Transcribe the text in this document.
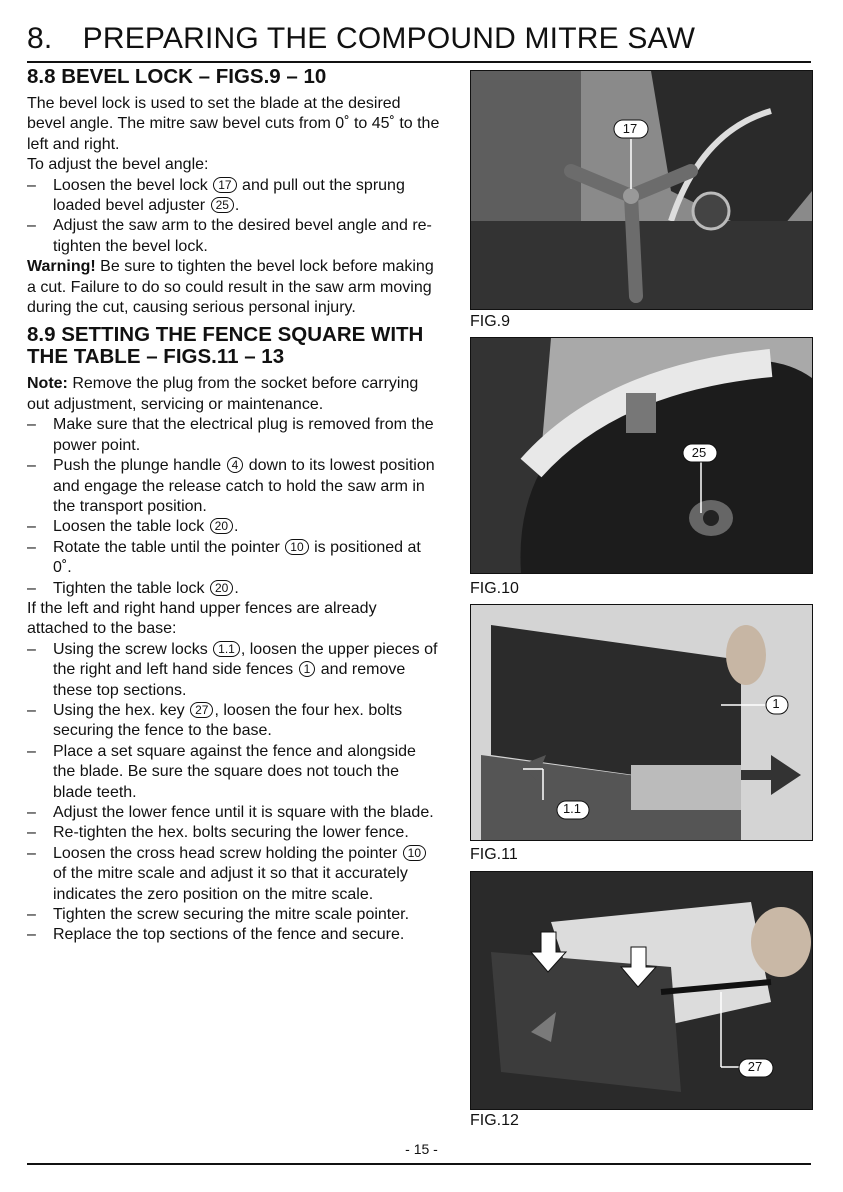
8. PREPARING THE COMPOUND MITRE SAW
8.8 BEVEL LOCK – FIGS.9 – 10

The bevel lock is used to set the blade at the desired bevel angle. The mitre saw bevel cuts from 0˚ to 45˚ to the left and right.

To adjust the bevel angle:

– Loosen the bevel lock 17 and pull out the sprung loaded bevel adjuster 25 .
– Adjust the saw arm to the desired bevel angle and re-tighten the bevel lock.

Warning! Be sure to tighten the bevel lock before making a cut. Failure to do so could result in the saw arm moving during the cut, causing serious personal injury.

8.9 SETTING THE FENCE SQUARE WITH THE TABLE – FIGS.11 – 13

Note: Remove the plug from the socket before carrying out adjustment, servicing or maintenance.

– Make sure that the electrical plug is removed from the power point.
– Push the plunge handle 4 down to its lowest position and engage the release catch to hold the saw arm in the transport position.
– Loosen the table lock 20 .
– Rotate the table until the pointer 10 is positioned at 0˚.
– Tighten the table lock 20 .

If the left and right hand upper fences are already attached to the base:

– Using the screw locks 1.1 , loosen the upper pieces of the right and left hand side fences 1 and remove these top sections.
– Using the hex. key 27 , loosen the four hex. bolts securing the fence to the base.
– Place a set square against the fence and alongside the blade. Be sure the square does not touch the blade teeth.
– Adjust the lower fence until it is square with the blade.
– Re-tighten the hex. bolts securing the lower fence.
– Loosen the cross head screw holding the pointer 10 of the mitre scale and adjust it so that it accurately indicates the zero position on the mitre scale.
– Tighten the screw securing the mitre scale pointer.
– Replace the top sections of the fence and secure.
FIG.9
FIG.10
FIG.11
FIG.12
- 15 -
17
25
1
1.1
27
